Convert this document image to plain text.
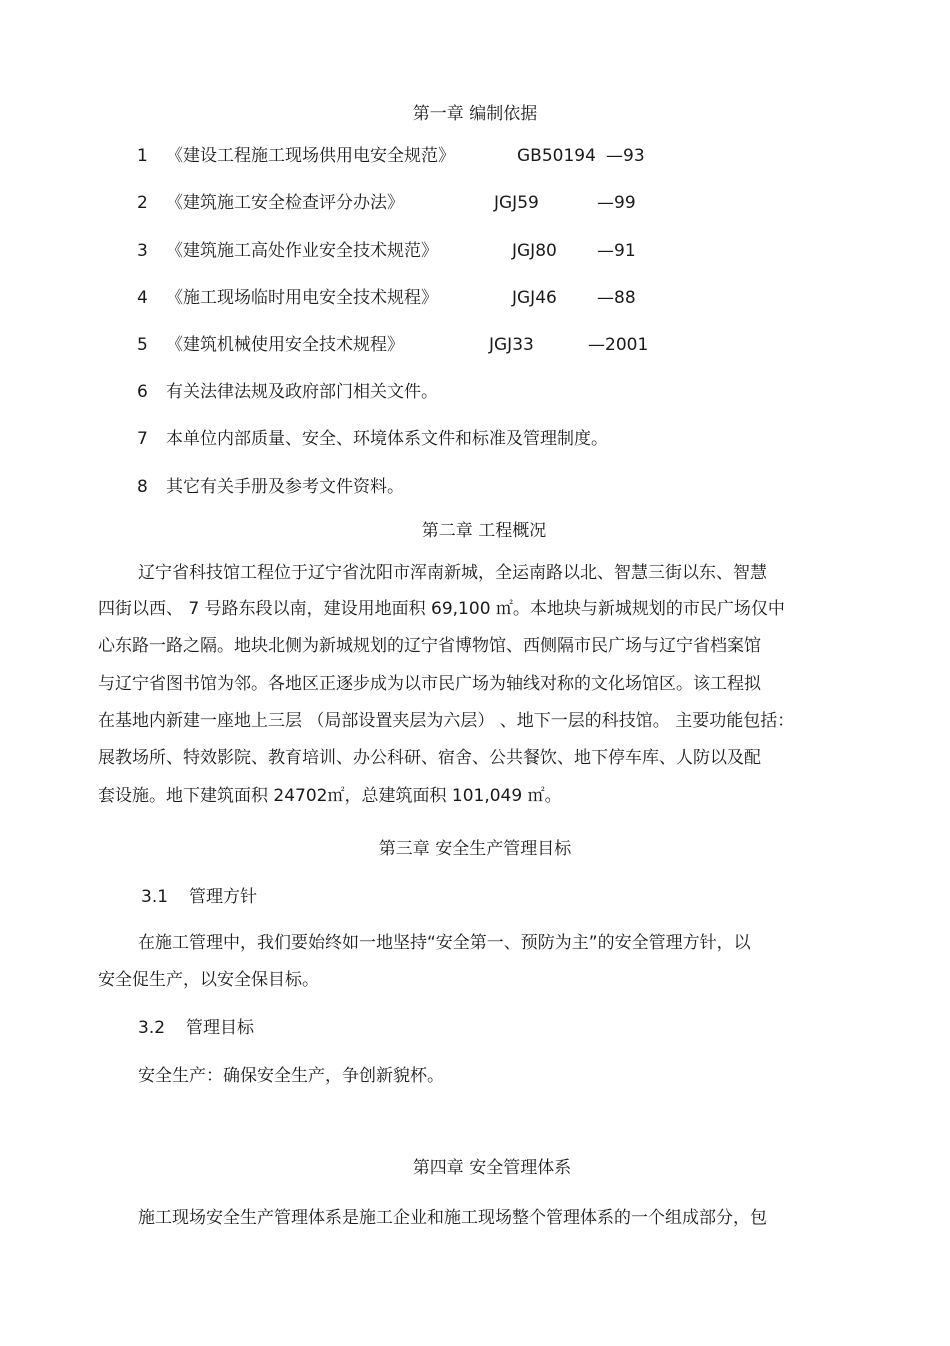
第一章 编制依据
1 《建设工程施工现场供用电安全规范》	GB50194 —93
2 《建筑施工安全检查评分办法》	JGJ59	—99
3 《建筑施工高处作业安全技术规范》	JGJ80 —91
4 《施工现场临时用电安全技术规程》	JGJ46 —88
5 《建筑机械使用安全技术规程》	JGJ33	—2001
6 有关法律法规及政府部门相关文件。
7 本单位内部质量、安全、环境体系文件和标准及管理制度。
8 其它有关手册及参考文件资料。
第二章 工程概况
辽宁省科技馆工程位于辽宁省沈阳市浑南新城，全运南路以北、智慧三街以东、智慧
四街以西、 7 号路东段以南，建设用地面积 69,100 ㎡。本地块与新城规划的市民广场仅中
心东路一路之隔。地块北侧为新城规划的辽宁省博物馆、西侧隔市民广场与辽宁省档案馆
与辽宁省图书馆为邻。各地区正逐步成为以市民广场为轴线对称的文化场馆区。该工程拟
在基地内新建一座地上三层 （局部设置夹层为六层） 、地下一层的科技馆。 主要功能包括：
展教场所、特效影院、教育培训、办公科研、宿舍、公共餐饮、地下停车库、人防以及配
套设施。地下建筑面积 24702㎡，总建筑面积 101,049 ㎡。
第三章 安全生产管理目标
3.1 管理方针
在施工管理中，我们要始终如一地坚持“安全第一、预防为主”的安全管理方针，以
安全促生产，以安全保目标。
3.2 管理目标
安全生产：确保安全生产，争创新貌杯。
第四章 安全管理体系
施工现场安全生产管理体系是施工企业和施工现场整个管理体系的一个组成部分，包
